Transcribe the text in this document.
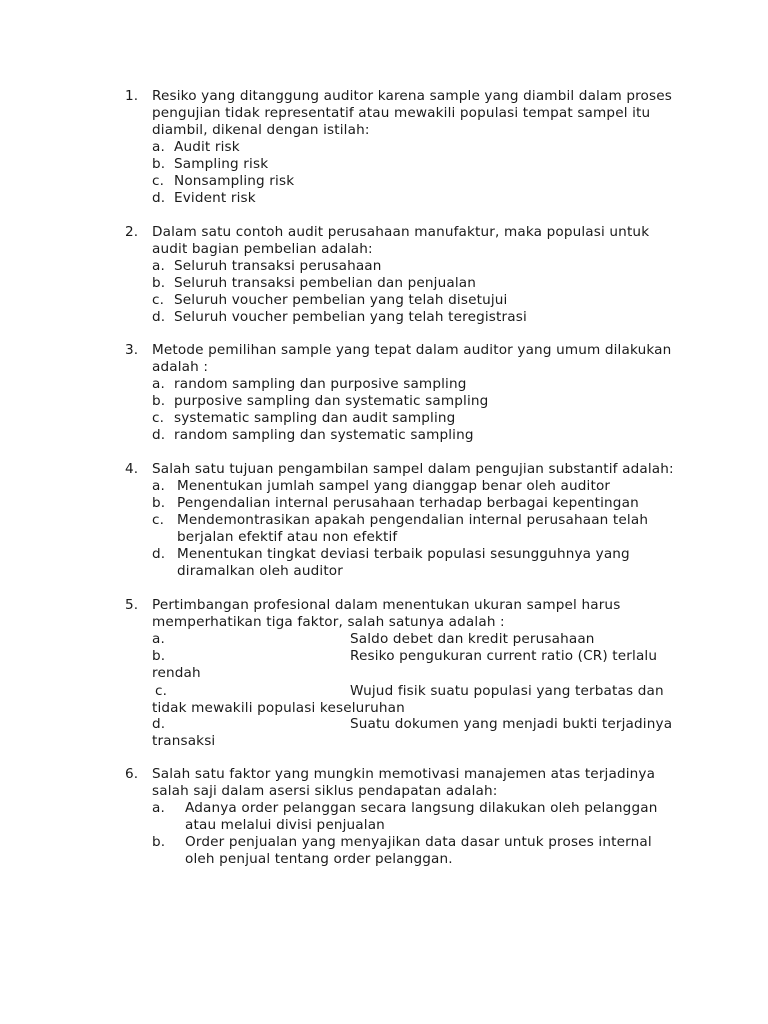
1. Resiko yang ditanggung auditor karena sample yang diambil dalam proses
pengujian tidak representatif atau mewakili populasi tempat sampel itu
diambil, dikenal dengan istilah:
a. Audit risk
b. Sampling risk
c. Nonsampling risk
d. Evident risk
2. Dalam satu contoh audit perusahaan manufaktur, maka populasi untuk
audit bagian pembelian adalah:
a. Seluruh transaksi perusahaan
b. Seluruh transaksi pembelian dan penjualan
c. Seluruh voucher pembelian yang telah disetujui
d. Seluruh voucher pembelian yang telah teregistrasi
3. Metode pemilihan sample yang tepat dalam auditor yang umum dilakukan
adalah :
a. random sampling dan purposive sampling
b. purposive sampling dan systematic sampling
c. systematic sampling dan audit sampling
d. random sampling dan systematic sampling
4. Salah satu tujuan pengambilan sampel dalam pengujian substantif adalah:
a. Menentukan jumlah sampel yang dianggap benar oleh auditor
b. Pengendalian internal perusahaan terhadap berbagai kepentingan
c. Mendemontrasikan apakah pengendalian internal perusahaan telah
berjalan efektif atau non efektif
d. Menentukan tingkat deviasi terbaik populasi sesungguhnya yang
diramalkan oleh auditor
5. Pertimbangan profesional dalam menentukan ukuran sampel harus
memperhatikan tiga faktor, salah satunya adalah :
a.	Saldo debet dan kredit perusahaan
b.	Resiko pengukuran current ratio (CR) terlalu
rendah
c.	Wujud fisik suatu populasi yang terbatas dan
tidak mewakili populasi keseluruhan
d.	Suatu dokumen yang menjadi bukti terjadinya
transaksi
6. Salah satu faktor yang mungkin memotivasi manajemen atas terjadinya
salah saji dalam asersi siklus pendapatan adalah:
a. Adanya order pelanggan secara langsung dilakukan oleh pelanggan
atau melalui divisi penjualan
b. Order penjualan yang menyajikan data dasar untuk proses internal
oleh penjual tentang order pelanggan.
